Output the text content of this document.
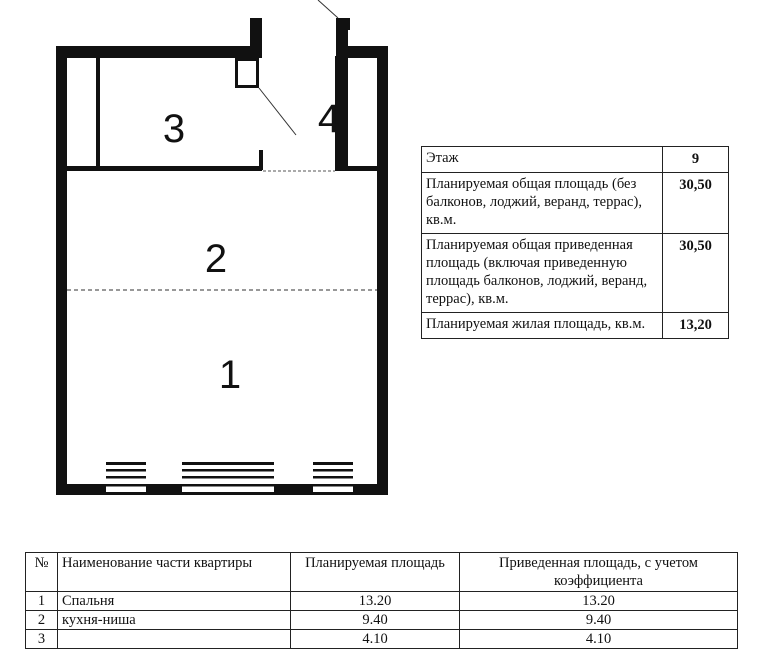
1
2
3	4
Этаж	9
Планируемая общая площадь (без балконов, лоджий, веранд, террас), кв.м.	30,50
Планируемая общая приведенная площадь (включая приведенную площадь балконов, лоджий, веранд, террас), кв.м.	30,50
Планируемая жилая площадь, кв.м.	13,20
№	Наименование части квартиры	Планируемая площадь	Приведенная площадь, с учетом коэффициента
1	Спальня	13.20	13.20
2	кухня-ниша	9.40	9.40
3		4.10	4.10
